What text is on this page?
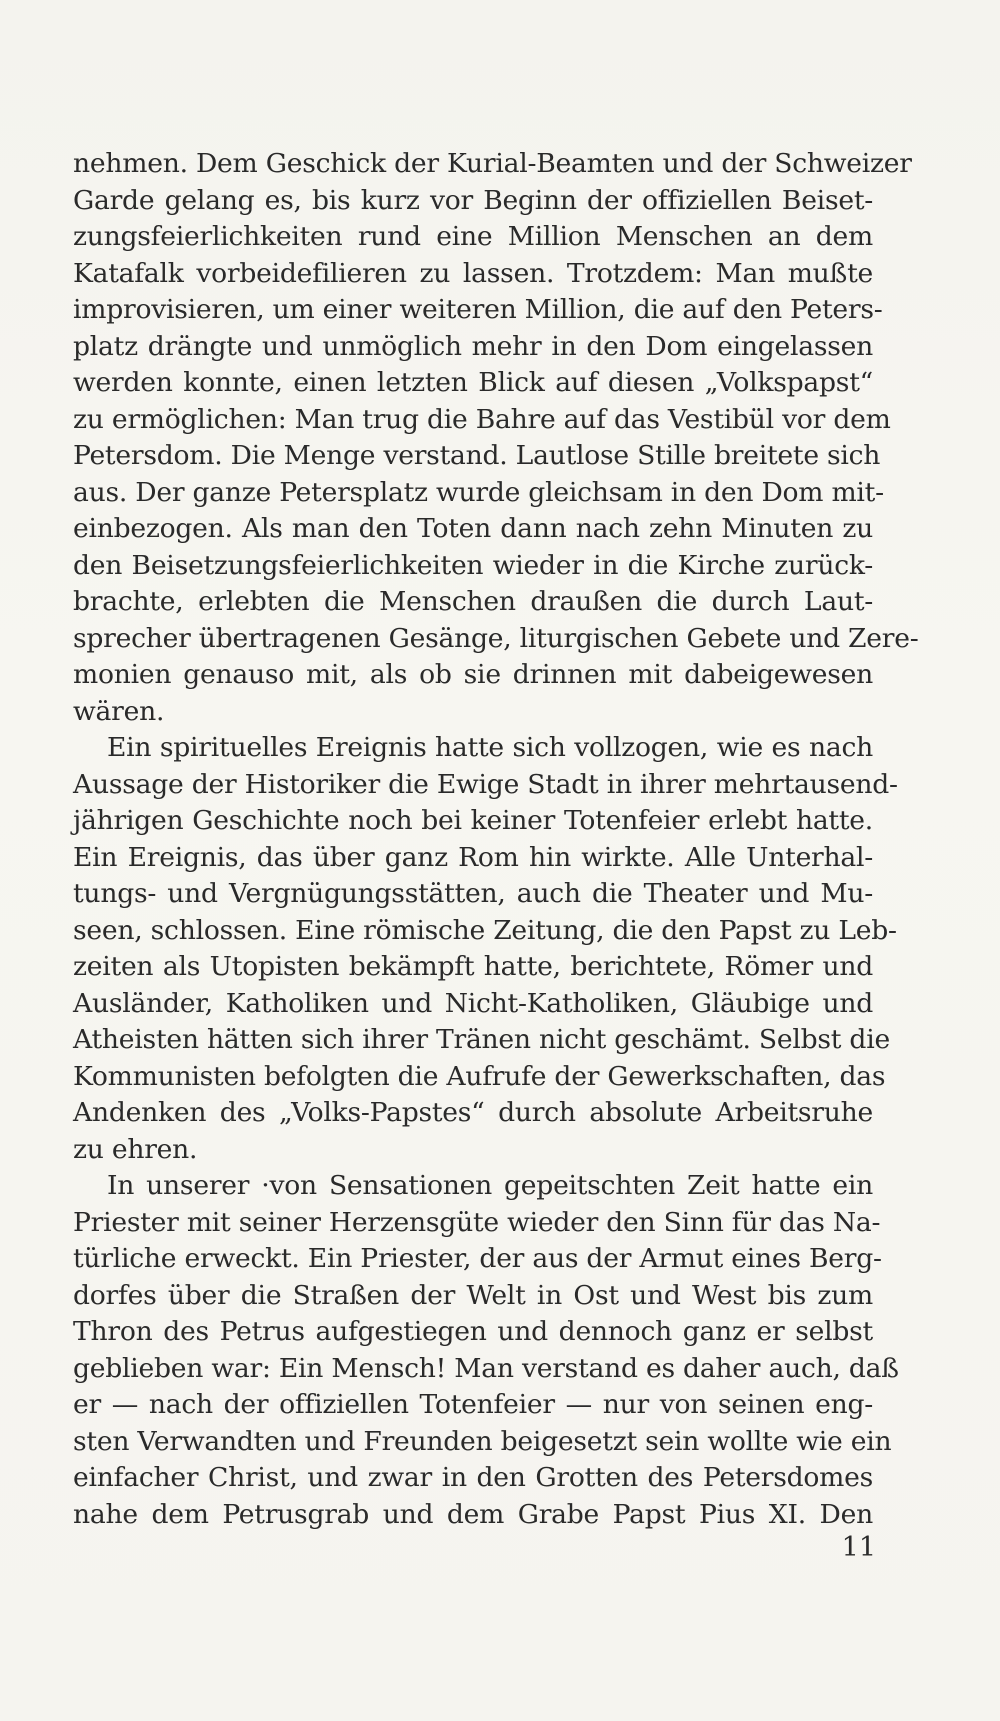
nehmen. Dem Geschick der Kurial-Beamten und der Schweizer
Garde gelang es, bis kurz vor Beginn der offiziellen Beiset-
zungsfeierlichkeiten rund eine Million Menschen an dem
Katafalk vorbeidefilieren zu lassen. Trotzdem: Man mußte
improvisieren, um einer weiteren Million, die auf den Peters-
platz drängte und unmöglich mehr in den Dom eingelassen
werden konnte, einen letzten Blick auf diesen „Volkspapst“
zu ermöglichen: Man trug die Bahre auf das Vestibül vor dem
Petersdom. Die Menge verstand. Lautlose Stille breitete sich
aus. Der ganze Petersplatz wurde gleichsam in den Dom mit-
einbezogen. Als man den Toten dann nach zehn Minuten zu
den Beisetzungsfeierlichkeiten wieder in die Kirche zurück-
brachte, erlebten die Menschen draußen die durch Laut-
sprecher übertragenen Gesänge, liturgischen Gebete und Zere-
monien genauso mit, als ob sie drinnen mit dabeigewesen
wären.
Ein spirituelles Ereignis hatte sich vollzogen, wie es nach
Aussage der Historiker die Ewige Stadt in ihrer mehrtausend-
jährigen Geschichte noch bei keiner Totenfeier erlebt hatte.
Ein Ereignis, das über ganz Rom hin wirkte. Alle Unterhal-
tungs- und Vergnügungsstätten, auch die Theater und Mu-
seen, schlossen. Eine römische Zeitung, die den Papst zu Leb-
zeiten als Utopisten bekämpft hatte, berichtete, Römer und
Ausländer, Katholiken und Nicht-Katholiken, Gläubige und
Atheisten hätten sich ihrer Tränen nicht geschämt. Selbst die
Kommunisten befolgten die Aufrufe der Gewerkschaften, das
Andenken des „Volks-Papstes“ durch absolute Arbeitsruhe
zu ehren.
In unserer ·von Sensationen gepeitschten Zeit hatte ein
Priester mit seiner Herzensgüte wieder den Sinn für das Na-
türliche erweckt. Ein Priester, der aus der Armut eines Berg-
dorfes über die Straßen der Welt in Ost und West bis zum
Thron des Petrus aufgestiegen und dennoch ganz er selbst
geblieben war: Ein Mensch! Man verstand es daher auch, daß
er — nach der offiziellen Totenfeier — nur von seinen eng-
sten Verwandten und Freunden beigesetzt sein wollte wie ein
einfacher Christ, und zwar in den Grotten des Petersdomes
nahe dem Petrusgrab und dem Grabe Papst Pius XI. Den
11
